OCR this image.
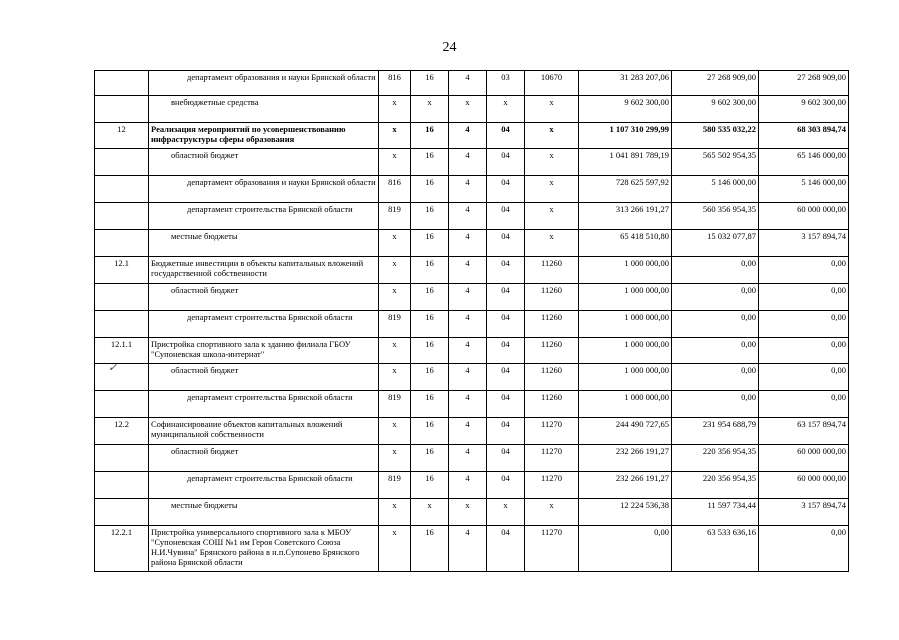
24
	департамент образования и науки Брянской области	816	16	4	03	10670	31 283 207,06	27 268 909,00	27 268 909,00
	внебюджетные средства	x	x	x	x	x	9 602 300,00	9 602 300,00	9 602 300,00
12	Реализация мероприятий по усовершенствованию инфраструктуры сферы образования	x	16	4	04	x	1 107 310 299,99	580 535 032,22	68 303 894,74
	областной бюджет	x	16	4	04	x	1 041 891 789,19	565 502 954,35	65 146 000,00
	департамент образования и науки Брянской области	816	16	4	04	x	728 625 597,92	5 146 000,00	5 146 000,00
	департамент строительства Брянской области	819	16	4	04	x	313 266 191,27	560 356 954,35	60 000 000,00
	местные бюджеты	x	16	4	04	x	65 418 510,80	15 032 077,87	3 157 894,74
12.1	Бюджетные инвестиции в объекты капитальных вложений государственной собственности	x	16	4	04	11260	1 000 000,00	0,00	0,00
	областной бюджет	x	16	4	04	11260	1 000 000,00	0,00	0,00
	департамент строительства Брянской области	819	16	4	04	11260	1 000 000,00	0,00	0,00
12.1.1	Пристройка спортивного зала к зданию филиала ГБОУ "Супоневская школа-интернат"	x	16	4	04	11260	1 000 000,00	0,00	0,00
	областной бюджет	x	16	4	04	11260	1 000 000,00	0,00	0,00
	департамент строительства Брянской области	819	16	4	04	11260	1 000 000,00	0,00	0,00
12.2	Софинансирование объектов капитальных вложений муниципальной собственности	x	16	4	04	11270	244 490 727,65	231 954 688,79	63 157 894,74
	областной бюджет	x	16	4	04	11270	232 266 191,27	220 356 954,35	60 000 000,00
	департамент строительства Брянской области	819	16	4	04	11270	232 266 191,27	220 356 954,35	60 000 000,00
	местные бюджеты	x	x	x	x	x	12 224 536,38	11 597 734,44	3 157 894,74
12.2.1	Пристройка универсального спортивного зала к МБОУ "Супоневская СОШ №1 им Героя Советского Союза Н.И.Чувина" Брянского района в н.п.Супонево Брянского района Брянской области	x	16	4	04	11270	0,00	63 533 636,16	0,00
✓
